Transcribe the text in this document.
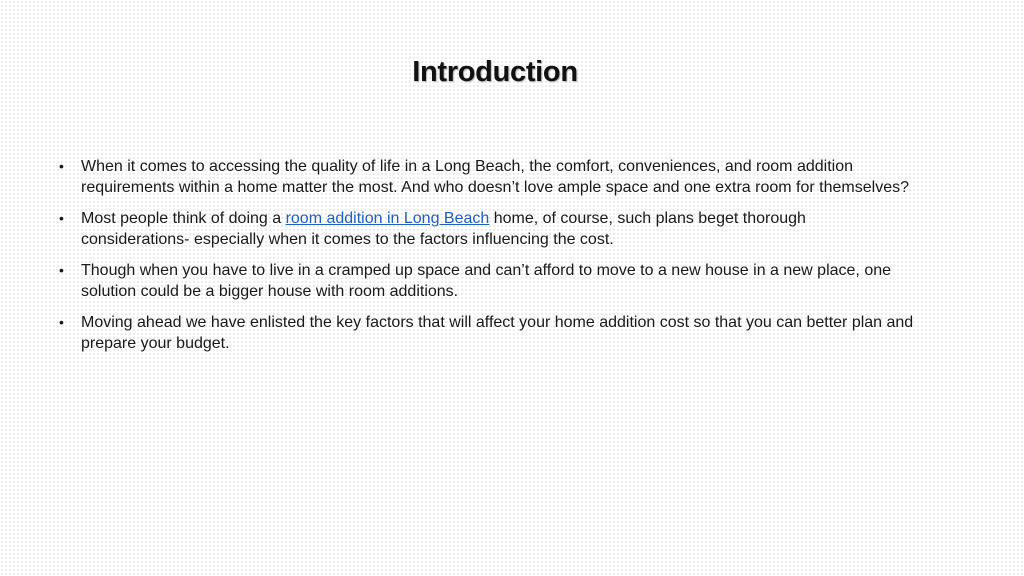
Introduction
• When it comes to accessing the quality of life in a Long Beach, the comfort, conveniences, and room addition requirements within a home matter the most. And who doesn’t love ample space and one extra room for themselves?
• Most people think of doing a room addition in Long Beach home, of course, such plans beget thorough considerations- especially when it comes to the factors influencing the cost.
• Though when you have to live in a cramped up space and can’t afford to move to a new house in a new place, one solution could be a bigger house with room additions.
• Moving ahead we have enlisted the key factors that will affect your home addition cost so that you can better plan and prepare your budget.
